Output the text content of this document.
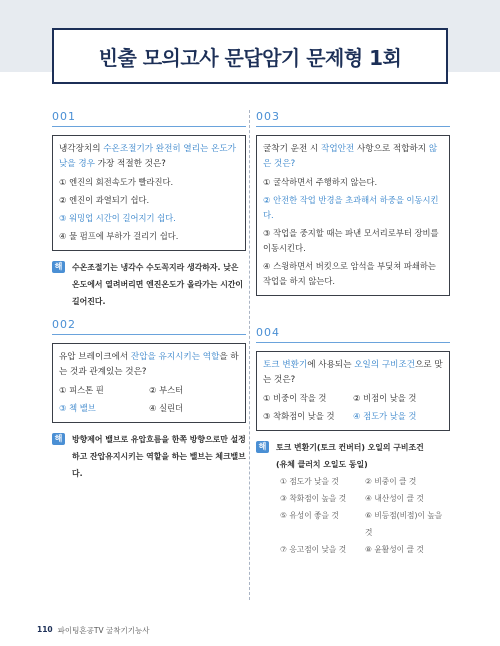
빈출 모의고사 문답암기 문제형 1회
001
냉각장치의 수온조절기가 완전히 열리는 온도가 낮을 경우 가장 적절한 것은?
① 엔진의 회전속도가 빨라진다.
② 엔진이 과열되기 쉽다.
③ 워밍업 시간이 길어지기 쉽다.
④ 물 펌프에 부하가 걸리기 쉽다.
해	수온조절기는 냉각수 수도꼭지라 생각하자. 낮은 온도에서 열려버리면 엔진온도가 올라가는 시간이 길어진다.
002
유압 브레이크에서 잔압을 유지시키는 역할을 하는 것과 관계있는 것은?
① 피스톤 핀	② 부스터
③ 첵 밸브	④ 실린더
해	방향제어 밸브로 유압흐름을 한쪽 방향으로만 설정하고 잔압유지시키는 역할을 하는 밸브는 체크밸브다.
003
굴착기 운전 시 작업안전 사항으로 적합하지 않은 것은?
① 굴삭하면서 주행하지 않는다.
② 안전한 작업 반경을 초과해서 하중을 이동시킨다.
③ 작업을 중지할 때는 파낸 모서리로부터 장비를 이동시킨다.
④ 스윙하면서 버킷으로 암석을 부딪쳐 파쇄하는 작업을 하지 않는다.
004
토크 변환기에 사용되는 오일의 구비조건으로 맞는 것은?
① 비중이 작을 것	② 비점이 낮을 것
③ 착화점이 낮을 것	④ 점도가 낮을 것
해	토크 변환기(토크 컨버터) 오일의 구비조건
(유체 클러치 오일도 동일)
① 점도가 낮을 것	② 비중이 클 것
③ 착화점이 높을 것	④ 내산성이 클 것
⑤ 유성이 좋을 것	⑥ 비등점(비점)이 높을 것
⑦ 응고점이 낮을 것	⑧ 윤활성이 클 것
110 파이팅혼공TV 굴착기기능사
